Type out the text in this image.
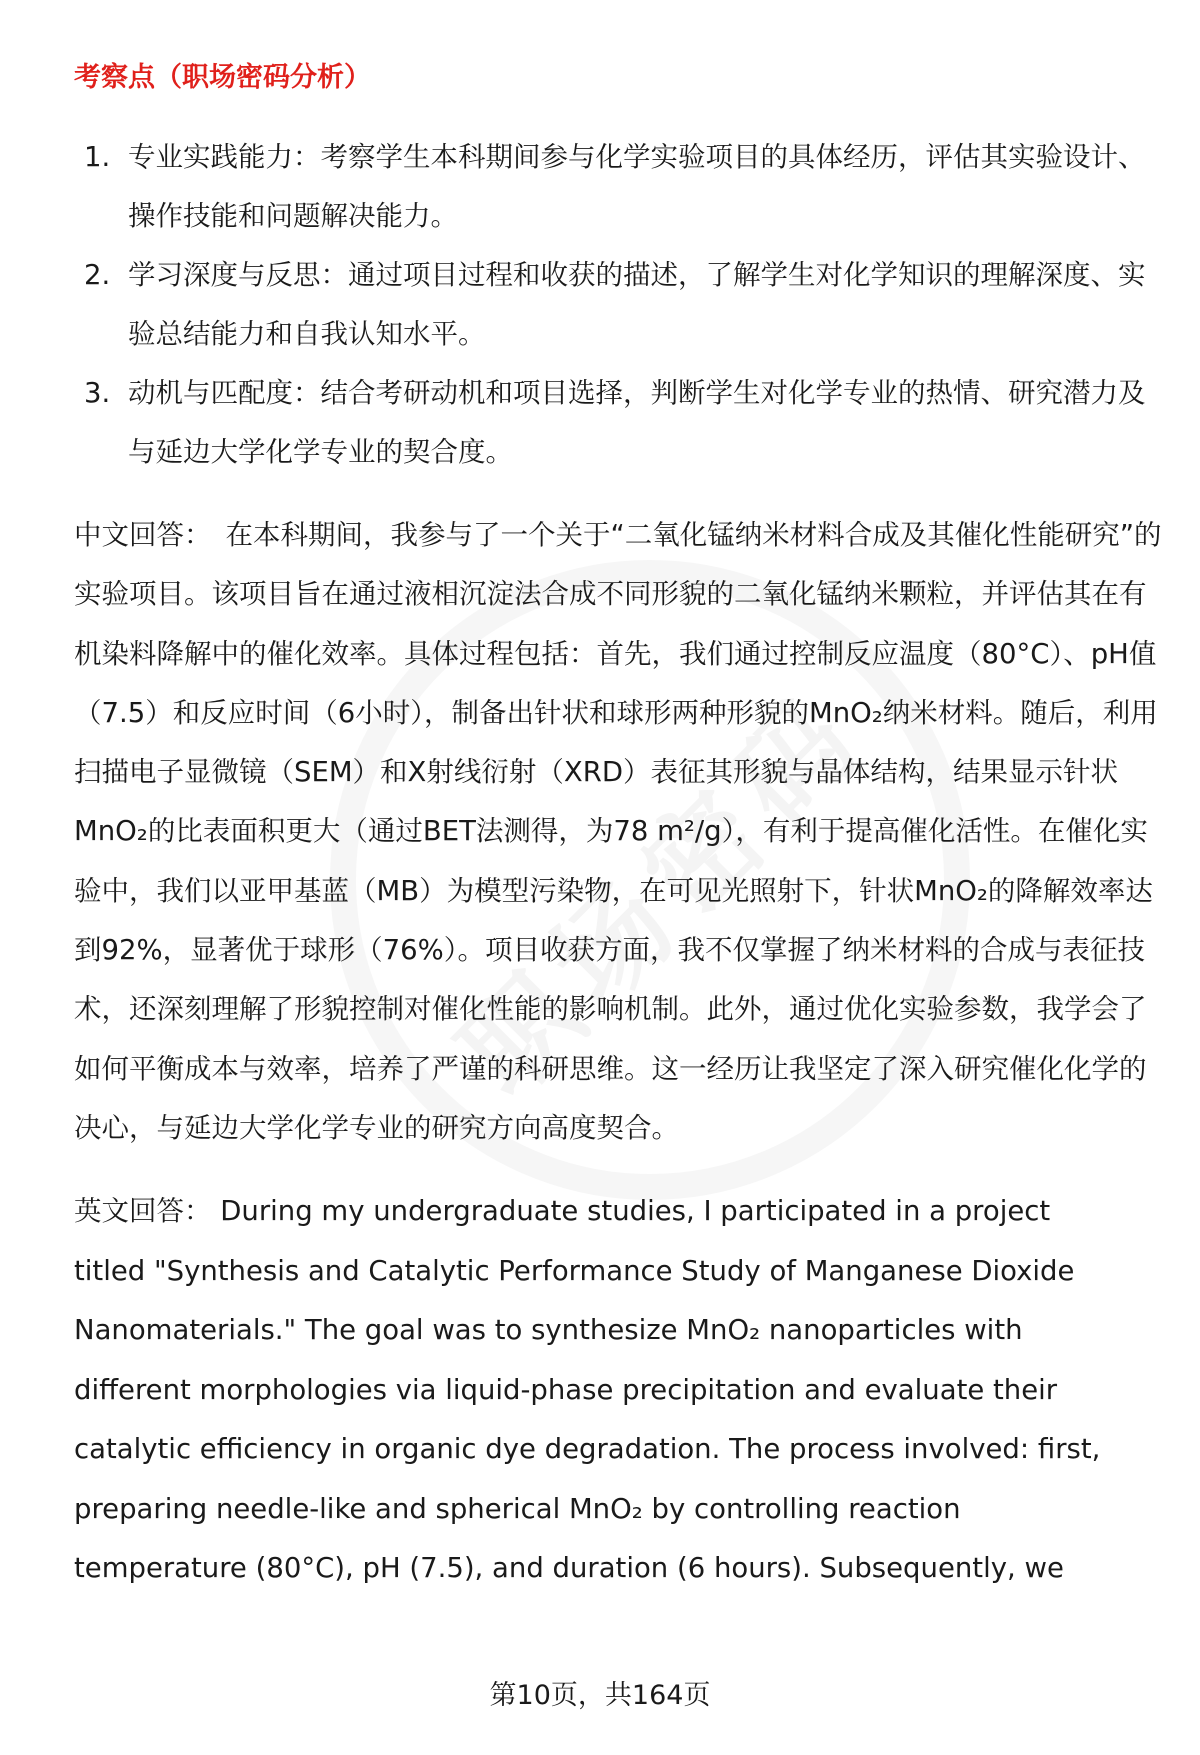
考察点（职场密码分析）
1. 专业实践能力：考察学生本科期间参与化学实验项目的具体经历，评估其实验设计、操作技能和问题解决能力。
2. 学习深度与反思：通过项目过程和收获的描述，了解学生对化学知识的理解深度、实验总结能力和自我认知水平。
3. 动机与匹配度：结合考研动机和项目选择，判断学生对化学专业的热情、研究潜力及与延边大学化学专业的契合度。

中文回答： 在本科期间，我参与了一个关于“二氧化锰纳米材料合成及其催化性能研究”的实验项目。该项目旨在通过液相沉淀法合成不同形貌的二氧化锰纳米颗粒，并评估其在有机染料降解中的催化效率。具体过程包括：首先，我们通过控制反应温度（80°C）、pH值（7.5）和反应时间（6小时），制备出针状和球形两种形貌的MnO₂纳米材料。随后，利用扫描电子显微镜（SEM）和X射线衍射（XRD）表征其形貌与晶体结构，结果显示针状MnO₂的比表面积更大（通过BET法测得，为78 m²/g），有利于提高催化活性。在催化实验中，我们以亚甲基蓝（MB）为模型污染物，在可见光照射下，针状MnO₂的降解效率达到92%，显著优于球形（76%）。项目收获方面，我不仅掌握了纳米材料的合成与表征技术，还深刻理解了形貌控制对催化性能的影响机制。此外，通过优化实验参数，我学会了如何平衡成本与效率，培养了严谨的科研思维。这一经历让我坚定了深入研究催化化学的决心，与延边大学化学专业的研究方向高度契合。

英文回答： During my undergraduate studies, I participated in a project titled "Synthesis and Catalytic Performance Study of Manganese Dioxide Nanomaterials." The goal was to synthesize MnO₂ nanoparticles with different morphologies via liquid-phase precipitation and evaluate their catalytic efficiency in organic dye degradation. The process involved: first, preparing needle-like and spherical MnO₂ by controlling reaction temperature (80°C), pH (7.5), and duration (6 hours). Subsequently, we

第10页，共164页
